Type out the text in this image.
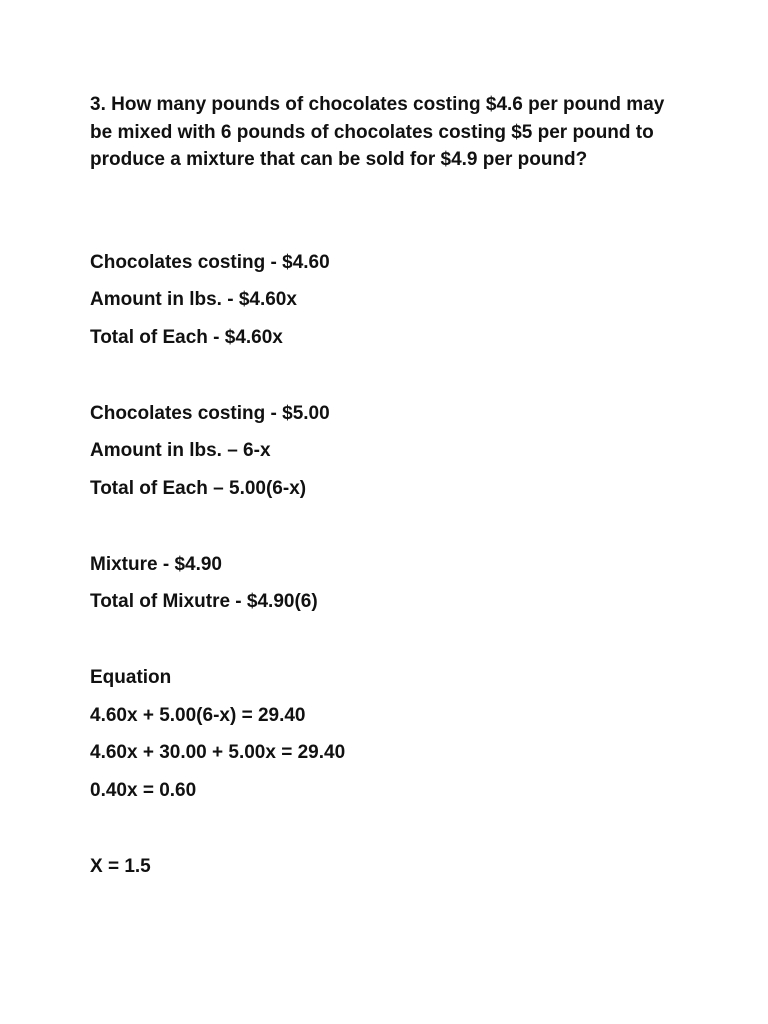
3. How many pounds of chocolates costing $4.6 per pound may be mixed with 6 pounds of chocolates costing $5 per pound to produce a mixture that can be sold for $4.9 per pound?

Chocolates costing - $4.60

Amount in lbs. - $4.60x

Total of Each - $4.60x

Chocolates costing - $5.00

Amount in lbs. – 6-x

Total of Each – 5.00(6-x)

Mixture - $4.90

Total of Mixutre - $4.90(6)

Equation

4.60x + 5.00(6-x) = 29.40

4.60x + 30.00 + 5.00x = 29.40

0.40x = 0.60

X = 1.5
